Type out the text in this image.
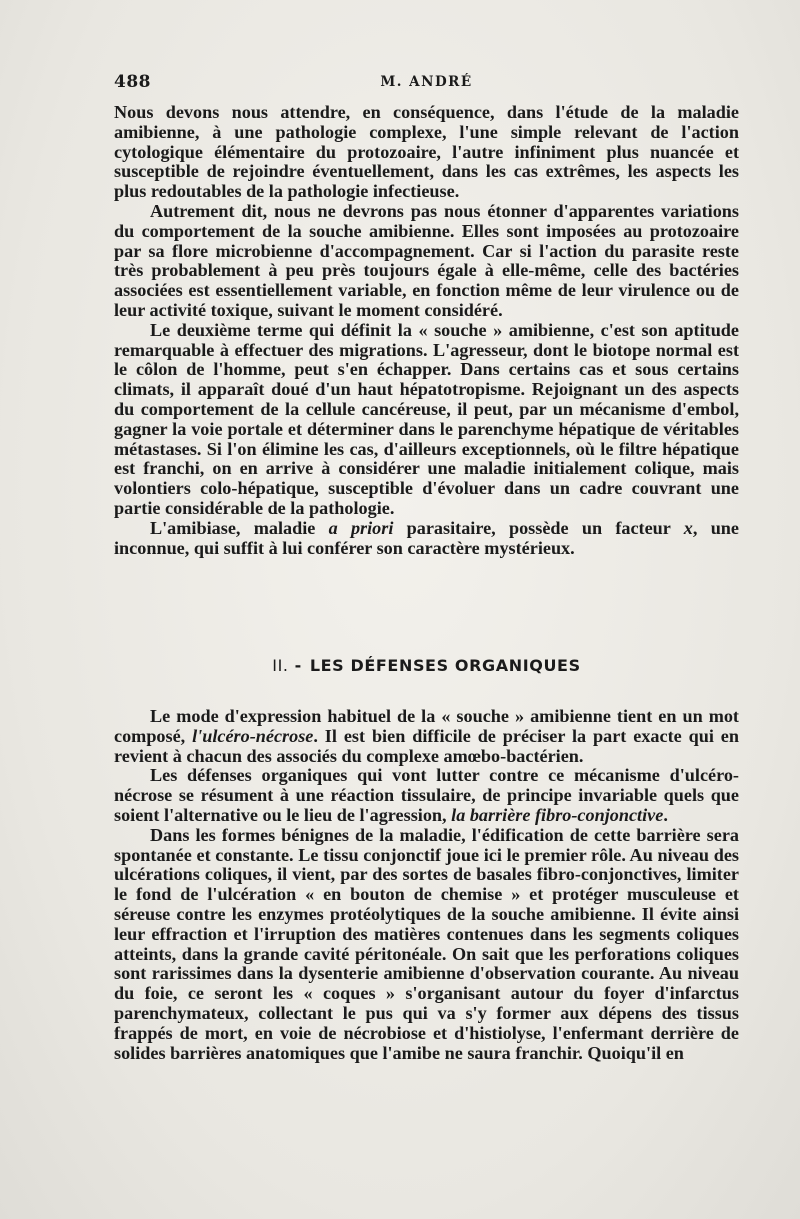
488	M. ANDRÉ

Nous devons nous attendre, en conséquence, dans l'étude de la maladie amibienne, à une pathologie complexe, l'une simple relevant de l'action cytologique élémentaire du protozoaire, l'autre infiniment plus nuancée et susceptible de rejoindre éventuellement, dans les cas extrêmes, les aspects les plus redoutables de la pathologie infectieuse.

Autrement dit, nous ne devrons pas nous étonner d'apparentes variations du comportement de la souche amibienne. Elles sont imposées au protozoaire par sa flore microbienne d'accompagnement. Car si l'action du parasite reste très probablement à peu près toujours égale à elle-même, celle des bactéries associées est essentiellement variable, en fonction même de leur virulence ou de leur activité toxique, suivant le moment considéré.

Le deuxième terme qui définit la « souche » amibienne, c'est son aptitude remarquable à effectuer des migrations. L'agresseur, dont le biotope normal est le côlon de l'homme, peut s'en échapper. Dans certains cas et sous certains climats, il apparaît doué d'un haut hépatotropisme. Rejoignant un des aspects du comportement de la cellule cancéreuse, il peut, par un mécanisme d'embol, gagner la voie portale et déterminer dans le parenchyme hépatique de véritables métastases. Si l'on élimine les cas, d'ailleurs exceptionnels, où le filtre hépatique est franchi, on en arrive à considérer une maladie initialement colique, mais volontiers colo-hépatique, susceptible d'évoluer dans un cadre couvrant une partie considérable de la pathologie.

L'amibiase, maladie a priori parasitaire, possède un facteur x, une inconnue, qui suffit à lui conférer son caractère mystérieux.

II. - LES DÉFENSES ORGANIQUES

Le mode d'expression habituel de la « souche » amibienne tient en un mot composé, l'ulcéro-nécrose. Il est bien difficile de préciser la part exacte qui en revient à chacun des associés du complexe amœbo-bactérien.

Les défenses organiques qui vont lutter contre ce mécanisme d'ulcéro-nécrose se résument à une réaction tissulaire, de principe invariable quels que soient l'alternative ou le lieu de l'agression, la barrière fibro-conjonctive.

Dans les formes bénignes de la maladie, l'édification de cette barrière sera spontanée et constante. Le tissu conjonctif joue ici le premier rôle. Au niveau des ulcérations coliques, il vient, par des sortes de basales fibro-conjonctives, limiter le fond de l'ulcération « en bouton de chemise » et protéger musculeuse et séreuse contre les enzymes protéolytiques de la souche amibienne. Il évite ainsi leur effraction et l'irruption des matières contenues dans les segments coliques atteints, dans la grande cavité péritonéale. On sait que les perforations coliques sont rarissimes dans la dysenterie amibienne d'observation courante. Au niveau du foie, ce seront les « coques » s'organisant autour du foyer d'infarctus parenchymateux, collectant le pus qui va s'y former aux dépens des tissus frappés de mort, en voie de nécrobiose et d'histiolyse, l'enfermant derrière de solides barrières anatomiques que l'amibe ne saura franchir. Quoiqu'il en
